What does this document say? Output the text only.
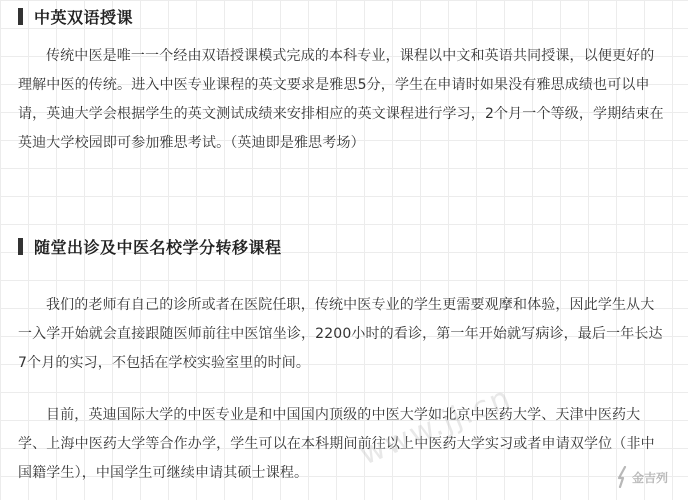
中英双语授课

传统中医是唯一一个经由双语授课模式完成的本科专业，课程以中文和英语共同授课，以便更好的理解中医的传统。进入中医专业课程的英文要求是雅思5分，学生在申请时如果没有雅思成绩也可以申请，英迪大学会根据学生的英文测试成绩来安排相应的英文课程进行学习，2个月一个等级，学期结束在英迪大学校园即可参加雅思考试。（英迪即是雅思考场）

随堂出诊及中医名校学分转移课程

我们的老师有自己的诊所或者在医院任职，传统中医专业的学生更需要观摩和体验，因此学生从大一入学开始就会直接跟随医师前往中医馆坐诊，2200小时的看诊，第一年开始就写病诊，最后一年长达7个月的实习，不包括在学校实验室里的时间。

目前，英迪国际大学的中医专业是和中国国内顶级的中医大学如北京中医药大学、天津中医药大学、上海中医药大学等合作办学，学生可以在本科期间前往以上中医药大学实习或者申请双学位（非中国籍学生），中国学生可继续申请其硕士课程。

www.jj.cn
金吉列
